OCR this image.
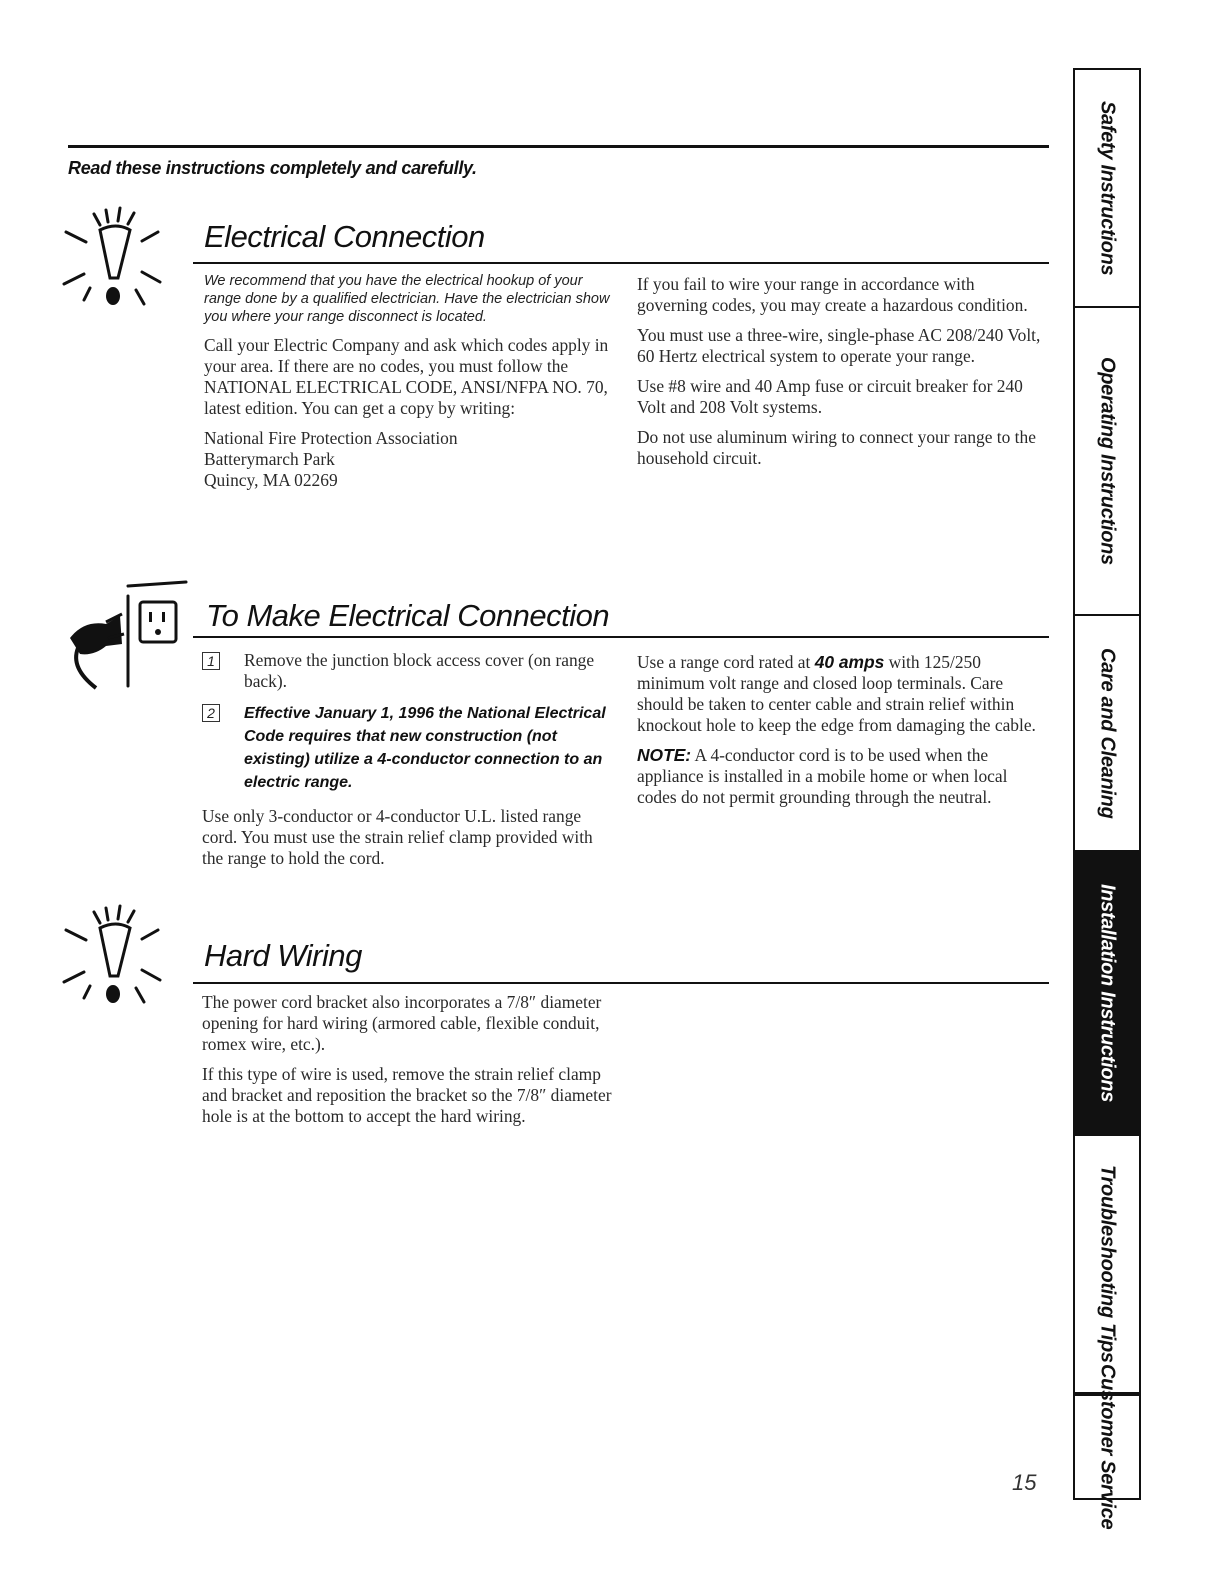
Read these instructions completely and carefully.
Electrical Connection

We recommend that you have the electrical hookup of your range done by a qualified electrician. Have the electrician show you where your range disconnect is located.

Call your Electric Company and ask which codes apply in your area. If there are no codes, you must follow the NATIONAL ELECTRICAL CODE, ANSI/NFPA NO. 70, latest edition. You can get a copy by writing:

National Fire Protection Association
Batterymarch Park
Quincy, MA 02269

If you fail to wire your range in accordance with governing codes, you may create a hazardous condition.

You must use a three-wire, single-phase AC 208/240 Volt, 60 Hertz electrical system to operate your range.

Use #8 wire and 40 Amp fuse or circuit breaker for 240 Volt and 208 Volt systems.

Do not use aluminum wiring to connect your range to the household circuit.

To Make Electrical Connection
1 Remove the junction block access cover (on range back).
2	Effective January 1, 1996 the National Electrical Code requires that new construction (not existing) utilize a 4-conductor connection to an electric range.

Use only 3-conductor or 4-conductor U.L. listed range cord. You must use the strain relief clamp provided with the range to hold the cord.

Use a range cord rated at 40 amps with 125/250 minimum volt range and closed loop terminals. Care should be taken to center cable and strain relief within knockout hole to keep the edge from damaging the cable.

NOTE: A 4-conductor cord is to be used when the appliance is installed in a mobile home or when local codes do not permit grounding through the neutral.

Hard Wiring

The power cord bracket also incorporates a 7/8″ diameter opening for hard wiring (armored cable, flexible conduit, romex wire, etc.).

If this type of wire is used, remove the strain relief clamp and bracket and reposition the bracket so the 7/8″ diameter hole is at the bottom to accept the hard wiring.

Safety Instructions
Operating Instructions
Care and Cleaning
Installation Instructions
Troubleshooting Tips
Customer Service
15
